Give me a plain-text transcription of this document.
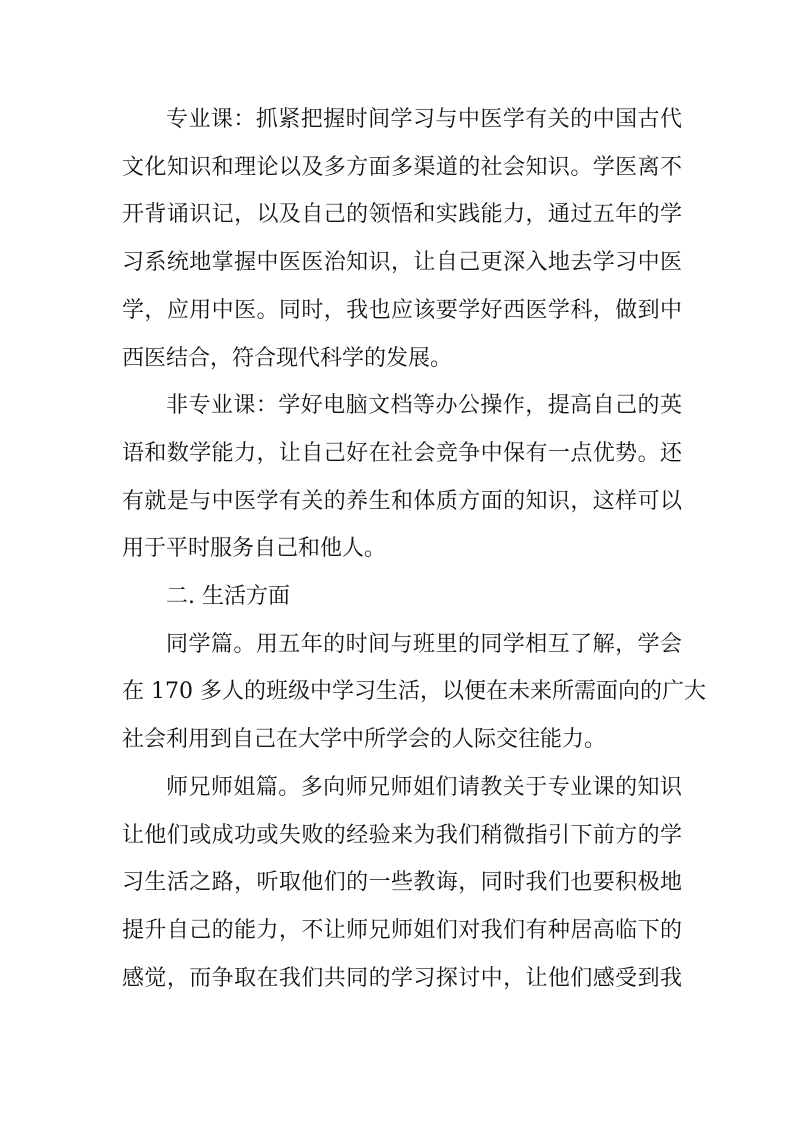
专业课：抓紧把握时间学习与中医学有关的中国古代
文化知识和理论以及多方面多渠道的社会知识。学医离不
开背诵识记，以及自己的领悟和实践能力，通过五年的学
习系统地掌握中医医治知识，让自己更深入地去学习中医
学，应用中医。同时，我也应该要学好西医学科，做到中
西医结合，符合现代科学的发展。

非专业课：学好电脑文档等办公操作，提高自己的英
语和数学能力，让自己好在社会竞争中保有一点优势。还
有就是与中医学有关的养生和体质方面的知识，这样可以
用于平时服务自己和他人。

二. 生活方面

同学篇。用五年的时间与班里的同学相互了解，学会
在 170 多人的班级中学习生活，以便在未来所需面向的广大
社会利用到自己在大学中所学会的人际交往能力。

师兄师姐篇。多向师兄师姐们请教关于专业课的知识
让他们或成功或失败的经验来为我们稍微指引下前方的学
习生活之路，听取他们的一些教诲，同时我们也要积极地
提升自己的能力，不让师兄师姐们对我们有种居高临下的
感觉，而争取在我们共同的学习探讨中，让他们感受到我
